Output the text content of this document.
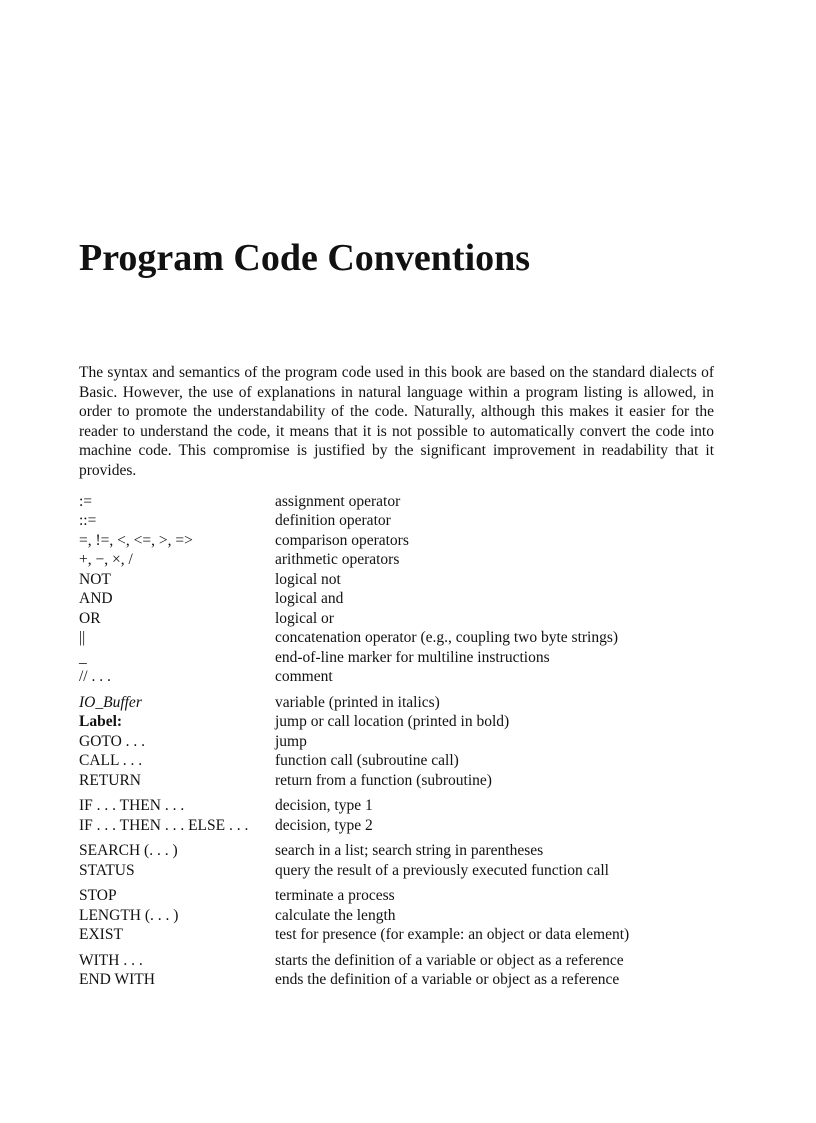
Program Code Conventions

The syntax and semantics of the program code used in this book are based on the standard dialects of Basic. However, the use of explanations in natural language within a program listing is allowed, in order to promote the understandability of the code. Naturally, although this makes it easier for the reader to understand the code, it means that it is not possible to automatically convert the code into machine code. This compromise is justified by the significant improvement in readability that it provides.

:=	assignment operator
::=	definition operator
=, !=, <, <=, >, =>	comparison operators
+, −, ×, /	arithmetic operators
NOT	logical not
AND	logical and
OR	logical or
||	concatenation operator (e.g., coupling two byte strings)
_	end-of-line marker for multiline instructions
// . . .	comment
IO_Buffer	variable (printed in italics)
Label:	jump or call location (printed in bold)
GOTO . . .	jump
CALL . . .	function call (subroutine call)
RETURN	return from a function (subroutine)
IF . . . THEN . . .	decision, type 1
IF . . . THEN . . . ELSE . . .	decision, type 2
SEARCH (. . . )	search in a list; search string in parentheses
STATUS	query the result of a previously executed function call
STOP	terminate a process
LENGTH (. . . )	calculate the length
EXIST	test for presence (for example: an object or data element)
WITH . . .	starts the definition of a variable or object as a reference
END WITH	ends the definition of a variable or object as a reference
